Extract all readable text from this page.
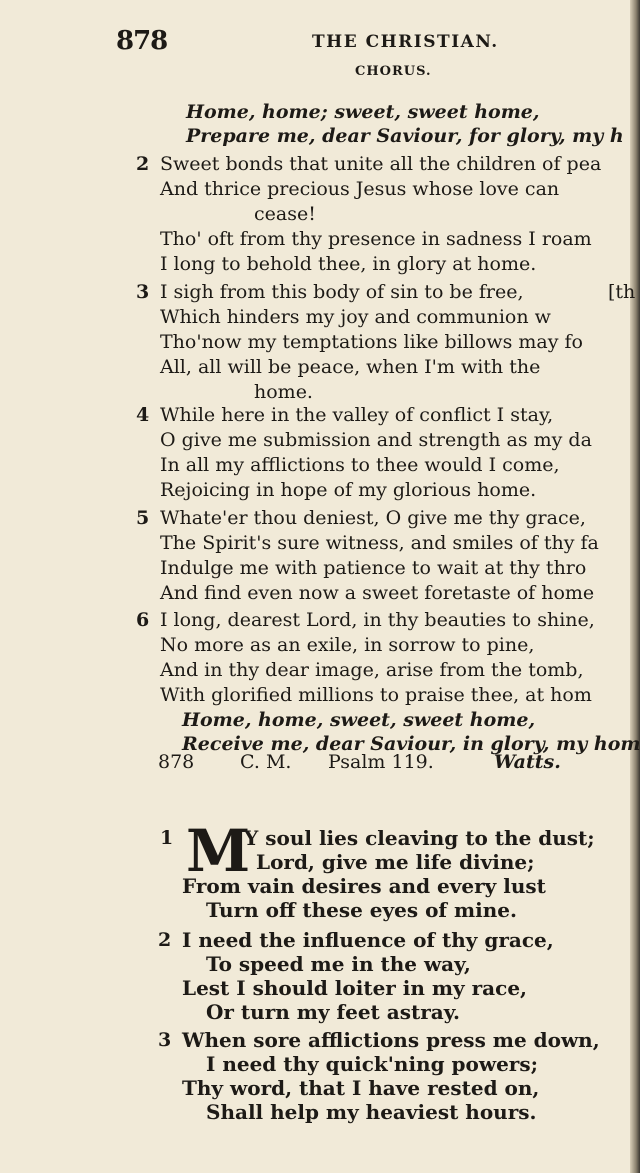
878	THE CHRISTIAN.
CHORUS.
Home, home; sweet, sweet home,
Prepare me, dear Saviour, for glory, my h
2 Sweet bonds that unite all the children of pea
And thrice precious Jesus whose love can
cease!
Tho' oft from thy presence in sadness I roam
I long to behold thee, in glory at home.
3 I sigh from this body of sin to be free,	[th
Which hinders my joy and communion w
Tho'now my temptations like billows may fo
All, all will be peace, when I'm with the
home.
4 While here in the valley of conflict I stay,
O give me submission and strength as my da
In all my afflictions to thee would I come,
Rejoicing in hope of my glorious home.
5 Whate'er thou deniest, O give me thy grace,
The Spirit's sure witness, and smiles of thy fa
Indulge me with patience to wait at thy thro
And find even now a sweet foretaste of home
6 I long, dearest Lord, in thy beauties to shine,
No more as an exile, in sorrow to pine,
And in thy dear image, arise from the tomb,
With glorified millions to praise thee, at hom
Home, home, sweet, sweet home,
Receive me, dear Saviour, in glory, my hom
878 C. M. Psalm 119.	Watts.
1 M
Y soul lies cleaving to the dust;
Lord, give me life divine;
From vain desires and every lust
Turn off these eyes of mine.
2 I need the influence of thy grace,
To speed me in the way,
Lest I should loiter in my race,
Or turn my feet astray.
3 When sore afflictions press me down,
I need thy quick'ning powers;
Thy word, that I have rested on,
Shall help my heaviest hours.
